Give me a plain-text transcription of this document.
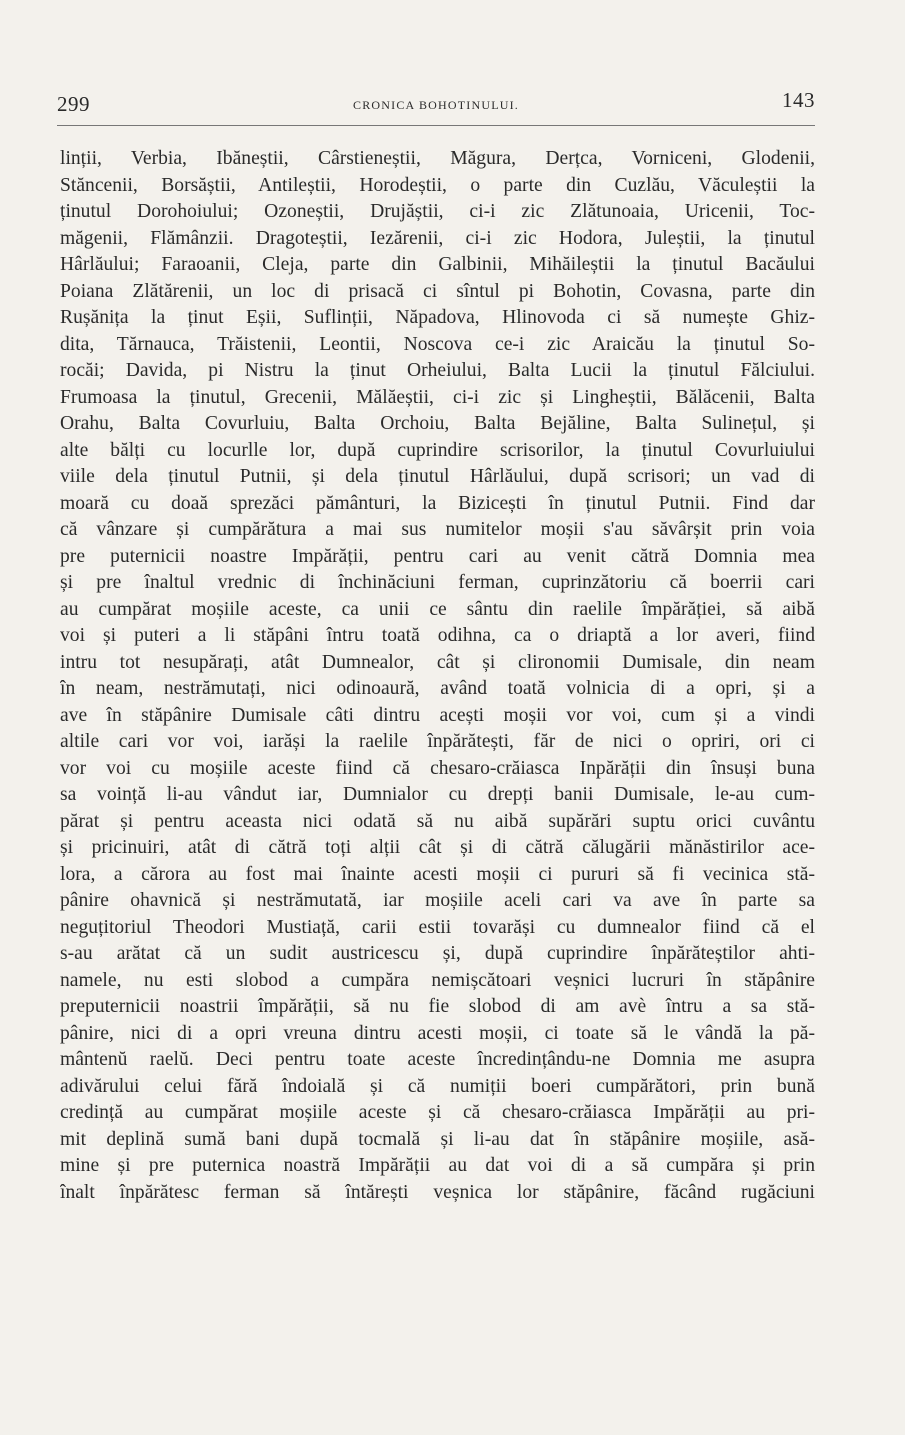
299	CRONICA BOHOTINULUI.	143
linții, Verbia, Ibăneștii, Cârstieneștii, Măgura, Derțca, Vorniceni, Glodenii,
Stăncenii, Borsăștii, Antileștii, Horodeștii, o parte din Cuzlău, Văculeștii la
ținutul Dorohoiului; Ozoneștii, Drujăștii, ci-i zic Zlătunoaia, Uricenii, Toc-
măgenii, Flămânzii. Dragoteștii, Iezărenii, ci-i zic Hodora, Juleștii, la ținutul
Hârlăului; Faraoanii, Cleja, parte din Galbinii, Mihăileștii la ținutul Bacăului
Poiana Zlătărenii, un loc di prisacă ci sîntul pi Bohotin, Covasna, parte din
Rușănița la ținut Eșii, Suflinții, Năpadova, Hlinovoda ci să numește Ghiz-
dita, Tărnauca, Trăistenii, Leontii, Noscova ce-i zic Araicău la ținutul So-
rocăi; Davida, pi Nistru la ținut Orheiului, Balta Lucii la ținutul Fălciului.
Frumoasa la ținutul, Grecenii, Mălăeștii, ci-i zic și Lingheștii, Bălăcenii, Balta
Orahu, Balta Covurluiu, Balta Orchoiu, Balta Bejăline, Balta Sulinețul, și
alte bălți cu locurlle lor, după cuprindire scrisorilor, la ținutul Covurluiului
viile dela ținutul Putnii, și dela ținutul Hârlăului, după scrisori; un vad di
moară cu doaă sprezăci pământuri, la Bizicești în ținutul Putnii. Find dar
că vânzare și cumpărătura a mai sus numitelor moșii s'au săvârșit prin voia
pre puternicii noastre Impărății, pentru cari au venit cătră Domnia mea
și pre înaltul vrednic di închinăciuni ferman, cuprinzătoriu că boerrii cari
au cumpărat moșiile aceste, ca unii ce sântu din raelile împărăției, să aibă
voi și puteri a li stăpâni întru toată odihna, ca o driaptă a lor averi, fiind
intru tot nesupărați, atât Dumnealor, cât și clironomii Dumisale, din neam
în neam, nestrămutați, nici odinoaură, având toată volnicia di a opri, și a
ave în stăpânire Dumisale câti dintru acești moșii vor voi, cum și a vindi
altile cari vor voi, iarăși la raelile înpărătești, făr de nici o opriri, ori ci
vor voi cu moșiile aceste fiind că chesaro-crăiasca Inpărății din însuși buna
sa voință li-au vândut iar, Dumnialor cu drepți banii Dumisale, le-au cum-
părat și pentru aceasta nici odată să nu aibă supărări suptu orici cuvântu
și pricinuiri, atât di cătră toți alții cât și di cătră călugării mănăstirilor ace-
lora, a cărora au fost mai înainte acesti moșii ci pururi să fi vecinica stă-
pânire ohavnică și nestrămutată, iar moșiile aceli cari va ave în parte sa
neguțitoriul Theodori Mustiață, carii estii tovarăși cu dumnealor fiind că el
s-au arătat că un sudit austricescu și, după cuprindire înpărăteștilor ahti-
namele, nu esti slobod a cumpăra nemișcătoari veșnici lucruri în stăpânire
preputernicii noastrii împărății, să nu fie slobod di am avè întru a sa stă-
pânire, nici di a opri vreuna dintru acesti moșii, ci toate să le vândă la pă-
mântenŭ raelŭ. Deci pentru toate aceste încredințându-ne Domnia me asupra
adivărului celui fără îndoială și că numiții boeri cumpărători, prin bună
credință au cumpărat moșiile aceste și că chesaro-crăiasca Impărății au pri-
mit deplină sumă bani după tocmală și li-au dat în stăpânire moșiile, asă-
mine și pre puternica noastră Impărății au dat voi di a să cumpăra și prin
înalt înpărătesc ferman să întărești veșnica lor stăpânire, făcând rugăciuni
